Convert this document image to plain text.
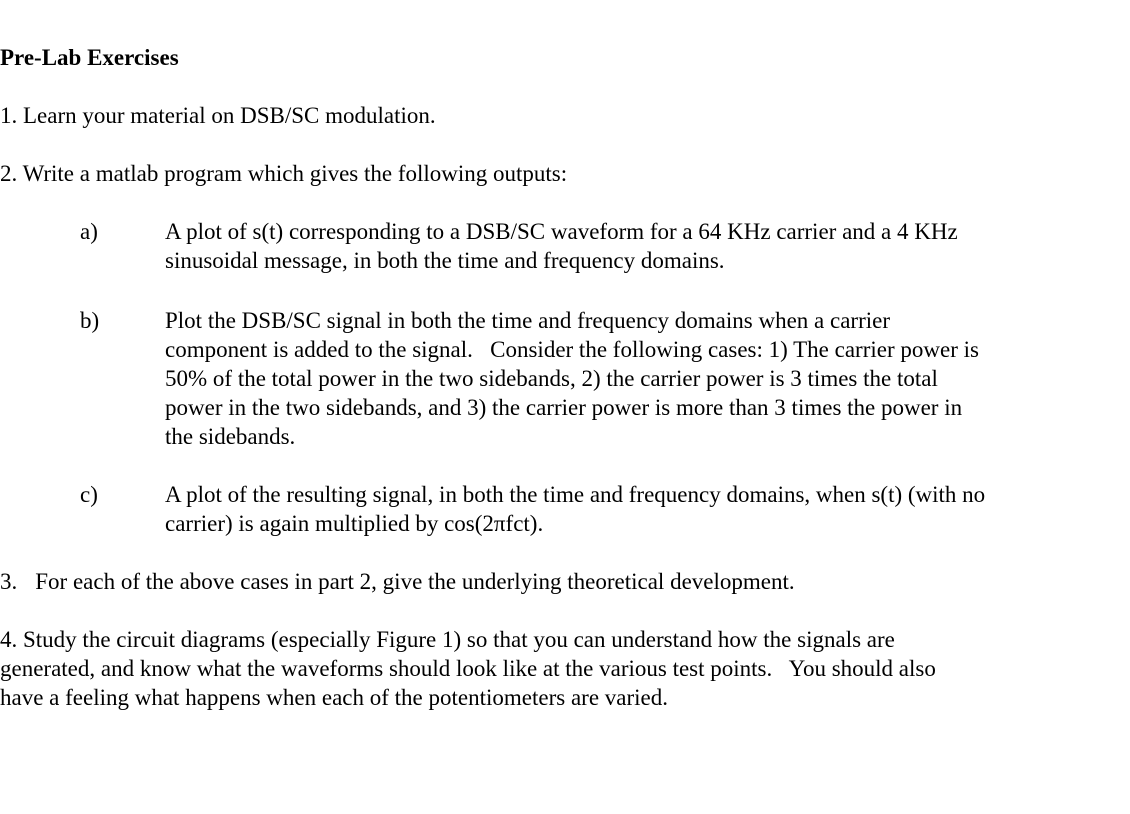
Pre-Lab Exercises
1. Learn your material on DSB/SC modulation.
2. Write a matlab program which gives the following outputs:
a)	A plot of s(t) corresponding to a DSB/SC waveform for a 64 KHz carrier and a 4 KHz
sinusoidal message, in both the time and frequency domains.
b)	Plot the DSB/SC signal in both the time and frequency domains when a carrier
component is added to the signal.   Consider the following cases: 1) The carrier power is
50% of the total power in the two sidebands, 2) the carrier power is 3 times the total
power in the two sidebands, and 3) the carrier power is more than 3 times the power in
the sidebands.
c)	A plot of the resulting signal, in both the time and frequency domains, when s(t) (with no
carrier) is again multiplied by cos(2πfct).
3. For each of the above cases in part 2, give the underlying theoretical development.
4. Study the circuit diagrams (especially Figure 1) so that you can understand how the signals are
generated, and know what the waveforms should look like at the various test points.   You should also
have a feeling what happens when each of the potentiometers are varied.
